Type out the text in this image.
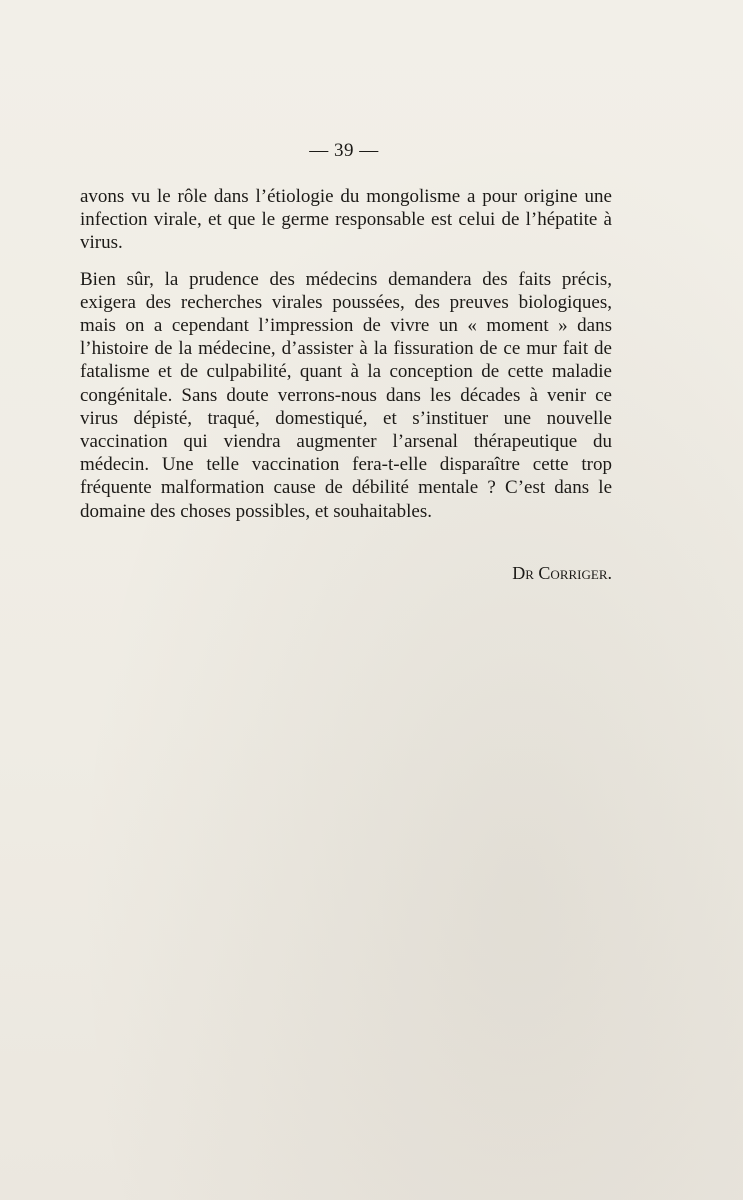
— 39 —

avons vu le rôle dans l’étiologie du mongolisme a pour origine une infection virale, et que le germe responsable est celui de l’hépatite à virus.

Bien sûr, la prudence des médecins demandera des faits précis, exigera des recherches virales poussées, des preuves biologiques, mais on a cependant l’impression de vivre un « moment » dans l’histoire de la médecine, d’assister à la fissuration de ce mur fait de fatalisme et de culpabilité, quant à la conception de cette maladie congénitale. Sans doute verrons-nous dans les décades à venir ce virus dépisté, traqué, domestiqué, et s’instituer une nouvelle vaccination qui viendra augmenter l’arsenal thérapeutique du médecin. Une telle vaccination fera-t-elle disparaître cette trop fréquente malformation cause de débilité mentale ? C’est dans le domaine des choses possibles, et souhaitables.

Dr Corriger.
